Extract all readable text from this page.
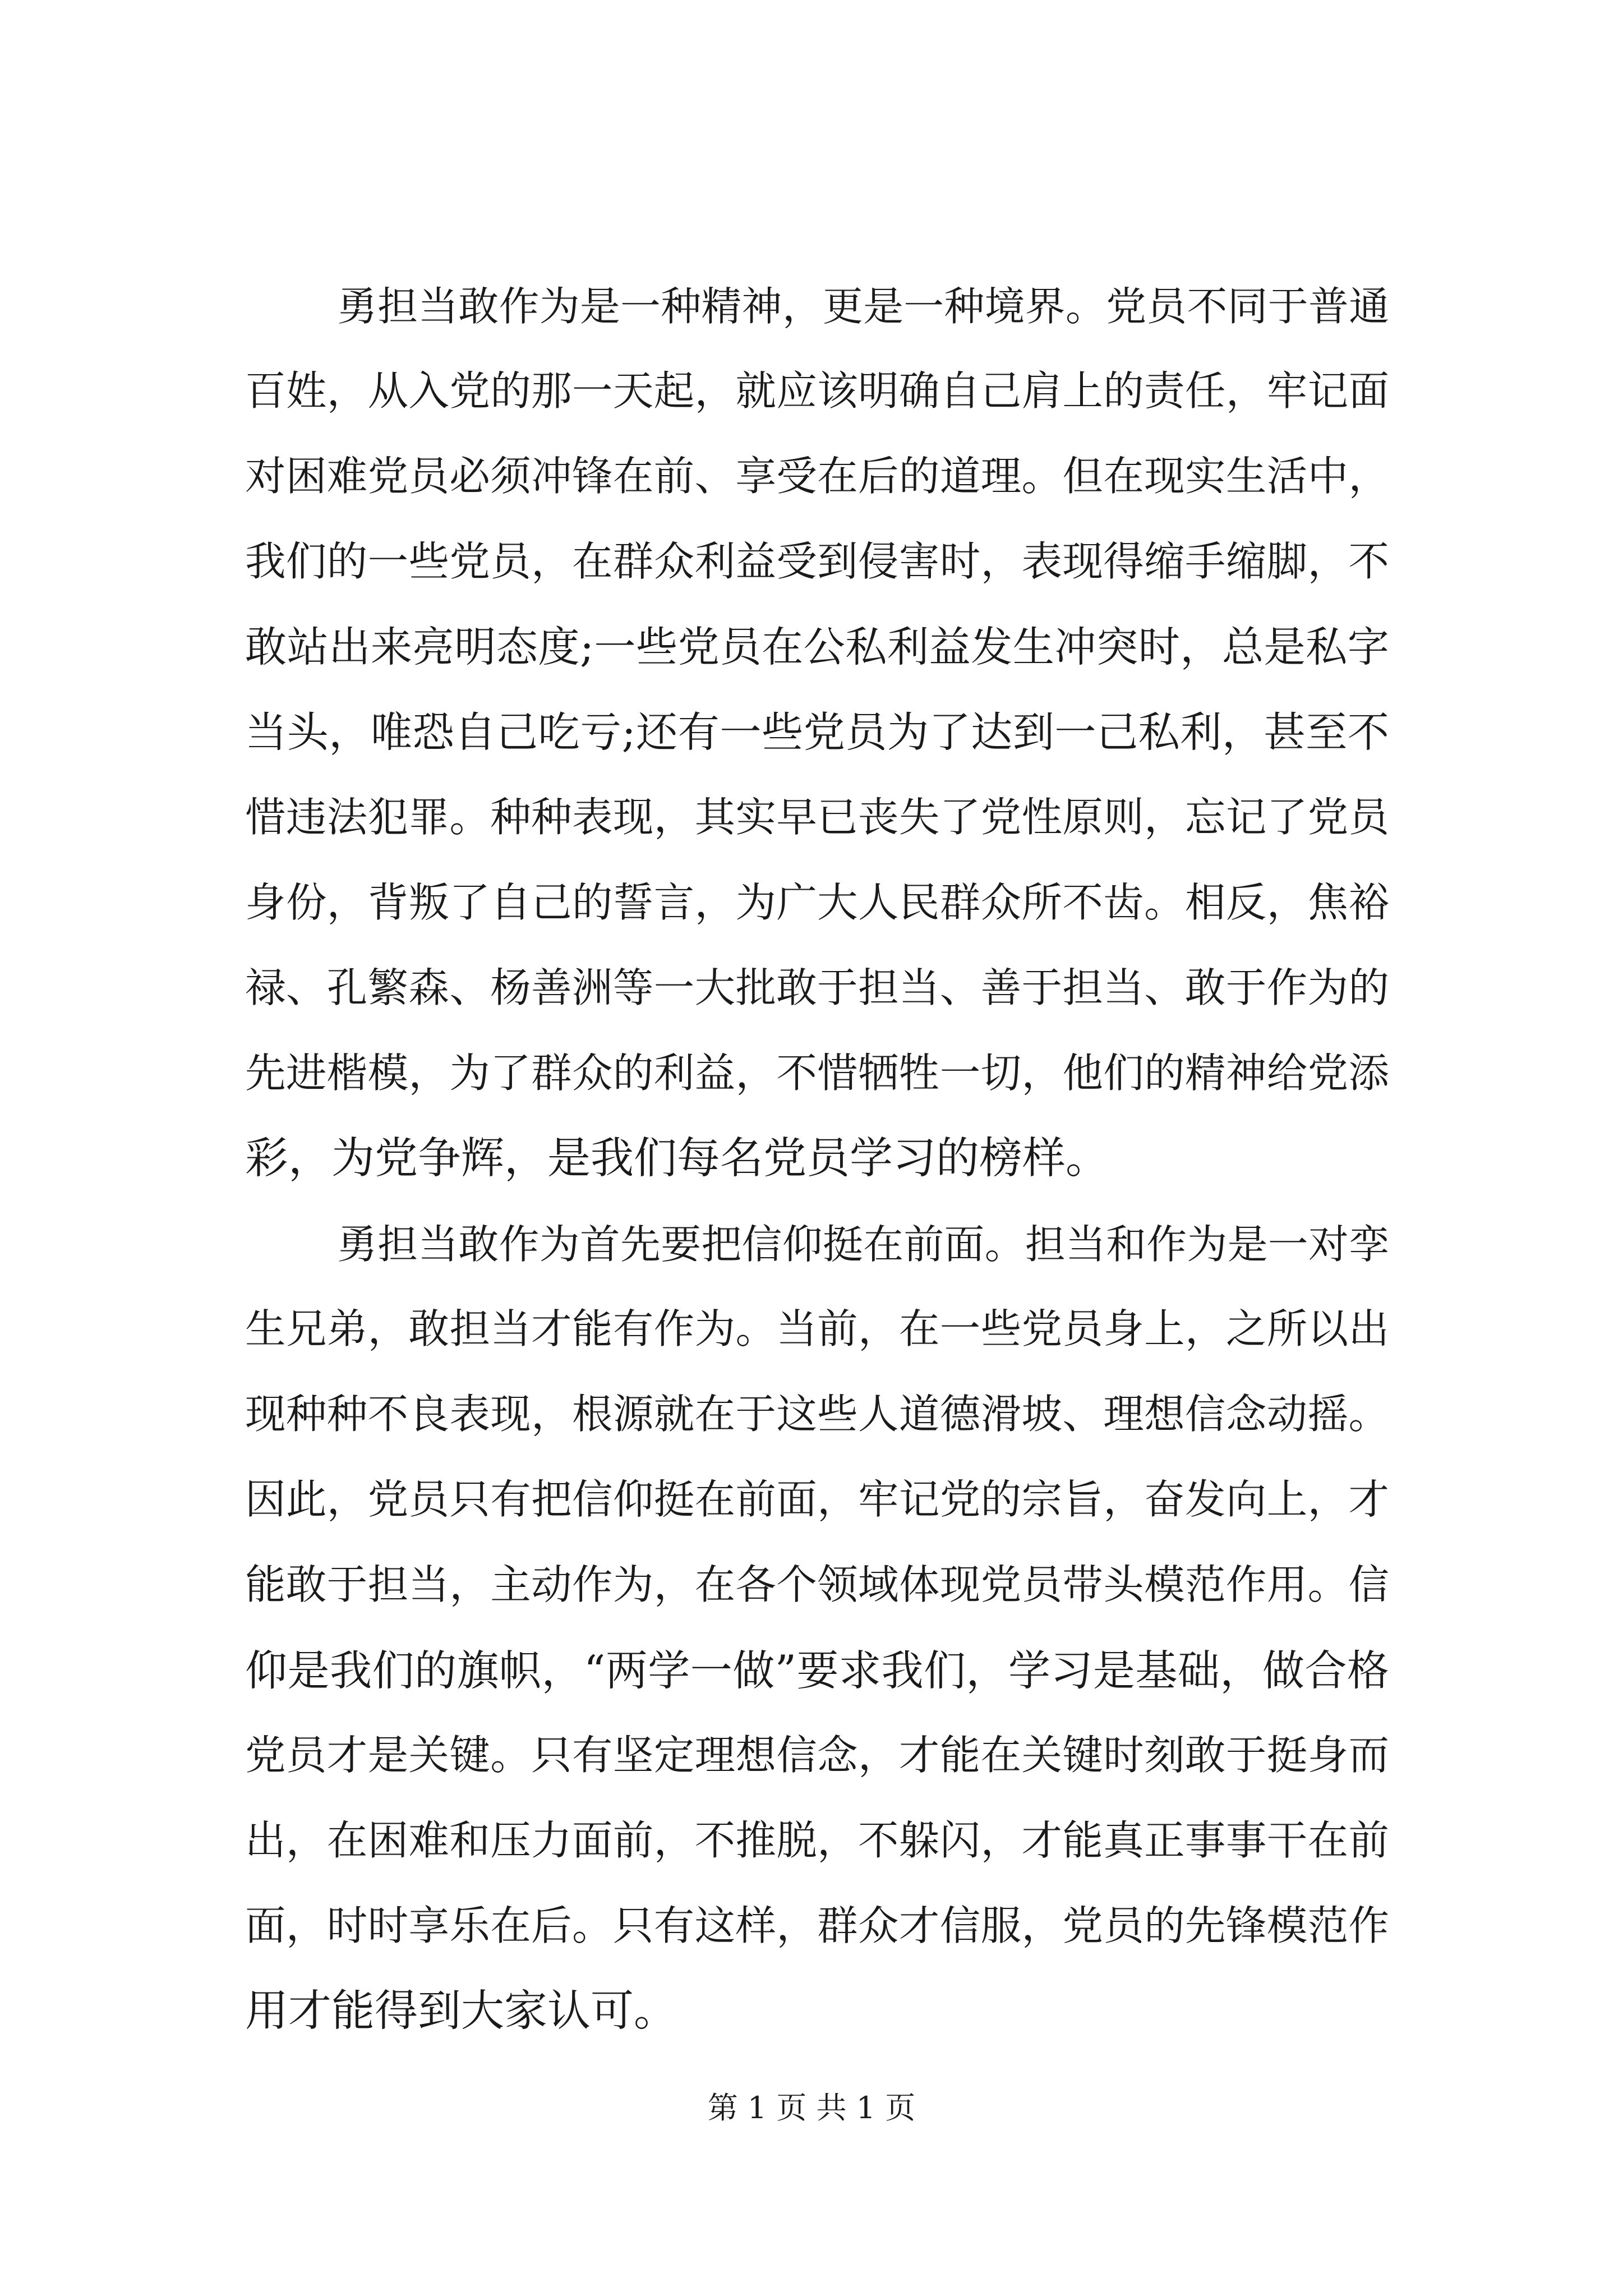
勇担当敢作为是一种精神，更是一种境界。党员不同于普通
百姓，从入党的那一天起，就应该明确自己肩上的责任，牢记面
对困难党员必须冲锋在前、享受在后的道理。但在现实生活中，
我们的一些党员，在群众利益受到侵害时，表现得缩手缩脚，不
敢站出来亮明态度;一些党员在公私利益发生冲突时，总是私字
当头，唯恐自己吃亏;还有一些党员为了达到一己私利，甚至不
惜违法犯罪。种种表现，其实早已丧失了党性原则，忘记了党员
身份，背叛了自己的誓言，为广大人民群众所不齿。相反，焦裕
禄、孔繁森、杨善洲等一大批敢于担当、善于担当、敢于作为的
先进楷模，为了群众的利益，不惜牺牲一切，他们的精神给党添
彩，为党争辉，是我们每名党员学习的榜样。
勇担当敢作为首先要把信仰挺在前面。担当和作为是一对孪
生兄弟，敢担当才能有作为。当前，在一些党员身上，之所以出
现种种不良表现，根源就在于这些人道德滑坡、理想信念动摇。
因此，党员只有把信仰挺在前面，牢记党的宗旨，奋发向上，才
能敢于担当，主动作为，在各个领域体现党员带头模范作用。信
仰是我们的旗帜，“两学一做”要求我们，学习是基础，做合格
党员才是关键。只有坚定理想信念，才能在关键时刻敢于挺身而
出，在困难和压力面前，不推脱，不躲闪，才能真正事事干在前
面，时时享乐在后。只有这样，群众才信服，党员的先锋模范作
用才能得到大家认可。
第 1 页 共 1 页
